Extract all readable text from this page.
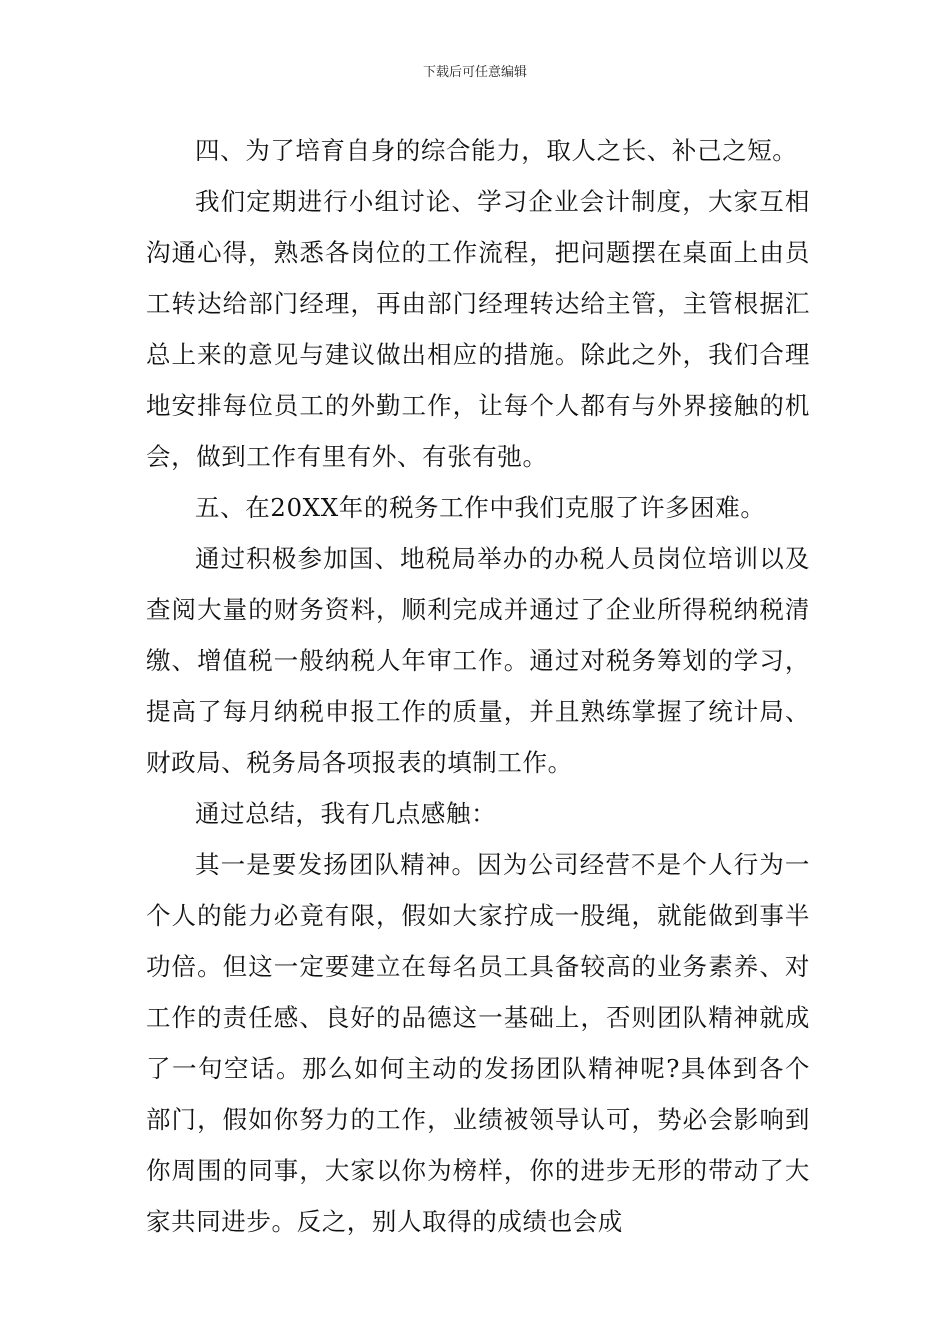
下载后可任意编辑

四、为了培育自身的综合能力，取人之长、补己之短。

我们定期进行小组讨论、学习企业会计制度，大家互相沟通心得，熟悉各岗位的工作流程，把问题摆在桌面上由员工转达给部门经理，再由部门经理转达给主管，主管根据汇总上来的意见与建议做出相应的措施。除此之外，我们合理地安排每位员工的外勤工作，让每个人都有与外界接触的机会，做到工作有里有外、有张有弛。

五、在20XX年的税务工作中我们克服了许多困难。

通过积极参加国、地税局举办的办税人员岗位培训以及查阅大量的财务资料，顺利完成并通过了企业所得税纳税清缴、增值税一般纳税人年审工作。通过对税务筹划的学习，提高了每月纳税申报工作的质量，并且熟练掌握了统计局、财政局、税务局各项报表的填制工作。

通过总结，我有几点感触：

其一是要发扬团队精神。因为公司经营不是个人行为一个人的能力必竟有限，假如大家拧成一股绳，就能做到事半功倍。但这一定要建立在每名员工具备较高的业务素养、对工作的责任感、良好的品德这一基础上，否则团队精神就成了一句空话。那么如何主动的发扬团队精神呢?具体到各个部门，假如你努力的工作，业绩被领导认可，势必会影响到你周围的同事，大家以你为榜样，你的进步无形的带动了大家共同进步。反之，别人取得的成绩也会成
